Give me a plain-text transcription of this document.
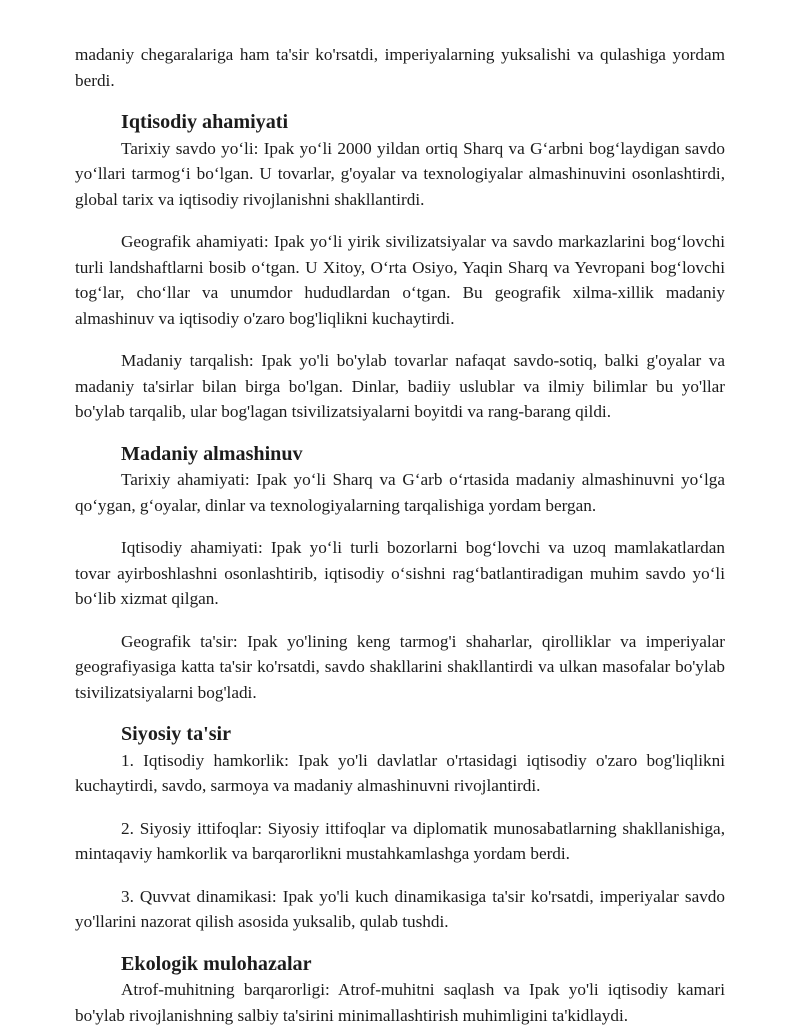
madaniy chegaralariga ham ta'sir ko'rsatdi, imperiyalarning yuksalishi va qulashiga yordam berdi.

Iqtisodiy ahamiyati

Tarixiy savdo yo‘li: Ipak yo‘li 2000 yildan ortiq Sharq va G‘arbni bog‘laydigan savdo yo‘llari tarmog‘i bo‘lgan. U tovarlar, g'oyalar va texnologiyalar almashinuvini osonlashtirdi, global tarix va iqtisodiy rivojlanishni shakllantirdi.

Geografik ahamiyati: Ipak yo‘li yirik sivilizatsiyalar va savdo markazlarini bog‘lovchi turli landshaftlarni bosib o‘tgan. U Xitoy, O‘rta Osiyo, Yaqin Sharq va Yevropani bog‘lovchi tog‘lar, cho‘llar va unumdor hududlardan o‘tgan. Bu geografik xilma-xillik madaniy almashinuv va iqtisodiy o'zaro bog'liqlikni kuchaytirdi.

Madaniy tarqalish: Ipak yo'li bo'ylab tovarlar nafaqat savdo-sotiq, balki g'oyalar va madaniy ta'sirlar bilan birga bo'lgan. Dinlar, badiiy uslublar va ilmiy bilimlar bu yo'llar bo'ylab tarqalib, ular bog'lagan tsivilizatsiyalarni boyitdi va rang-barang qildi.

Madaniy almashinuv

Tarixiy ahamiyati: Ipak yo‘li Sharq va G‘arb o‘rtasida madaniy almashinuvni yo‘lga qo‘ygan, g‘oyalar, dinlar va texnologiyalarning tarqalishiga yordam bergan.

Iqtisodiy ahamiyati: Ipak yo‘li turli bozorlarni bog‘lovchi va uzoq mamlakatlardan tovar ayirboshlashni osonlashtirib, iqtisodiy o‘sishni rag‘batlantiradigan muhim savdo yo‘li bo‘lib xizmat qilgan.

Geografik ta'sir: Ipak yo'lining keng tarmog'i shaharlar, qirolliklar va imperiyalar geografiyasiga katta ta'sir ko'rsatdi, savdo shakllarini shakllantirdi va ulkan masofalar bo'ylab tsivilizatsiyalarni bog'ladi.

Siyosiy ta'sir

1. Iqtisodiy hamkorlik: Ipak yo'li davlatlar o'rtasidagi iqtisodiy o'zaro bog'liqlikni kuchaytirdi, savdo, sarmoya va madaniy almashinuvni rivojlantirdi.

2. Siyosiy ittifoqlar: Siyosiy ittifoqlar va diplomatik munosabatlarning shakllanishiga, mintaqaviy hamkorlik va barqarorlikni mustahkamlashga yordam berdi.

3. Quvvat dinamikasi: Ipak yo'li kuch dinamikasiga ta'sir ko'rsatdi, imperiyalar savdo yo'llarini nazorat qilish asosida yuksalib, qulab tushdi.

Ekologik mulohazalar

Atrof-muhitning barqarorligi: Atrof-muhitni saqlash va Ipak yo'li iqtisodiy kamari bo'ylab rivojlanishning salbiy ta'sirini minimallashtirish muhimligini ta'kidlaydi.
